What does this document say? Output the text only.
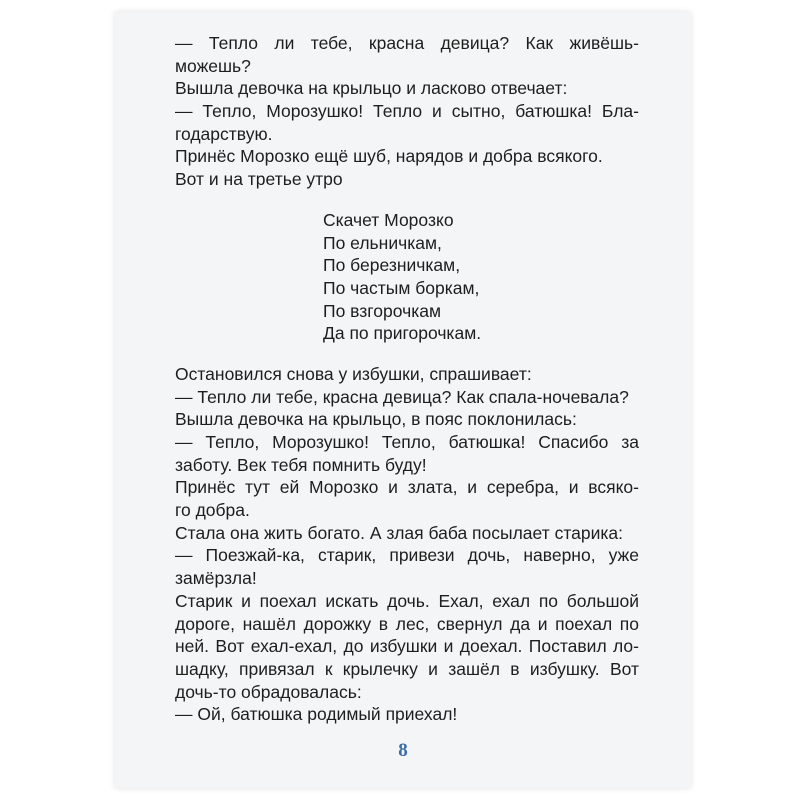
— Тепло ли тебе, красна девица? Как живёшь-
можешь?
Вышла девочка на крыльцо и ласково отвечает:
— Тепло, Морозушко! Тепло и сытно, батюшка! Бла-
годарствую.
Принёс Морозко ещё шуб, нарядов и добра всякого.
Вот и на третье утро
Скачет Морозко
По ельничкам,
По березничкам,
По частым боркам,
По взгорочкам
Да по пригорочкам.
Остановился снова у избушки, спрашивает:
— Тепло ли тебе, красна девица? Как спала-ночевала?
Вышла девочка на крыльцо, в пояс поклонилась:
— Тепло, Морозушко! Тепло, батюшка! Спасибо за
заботу. Век тебя помнить буду!
Принёс тут ей Морозко и злата, и серебра, и всяко-
го добра.
Стала она жить богато. А злая баба посылает старика:
— Поезжай-ка, старик, привези дочь, наверно, уже
замёрзла!
Старик и поехал искать дочь. Ехал, ехал по большой
дороге, нашёл дорожку в лес, свернул да и поехал по
ней. Вот ехал-ехал, до избушки и доехал. Поставил ло-
шадку, привязал к крылечку и зашёл в избушку. Вот
дочь-то обрадовалась:
— Ой, батюшка родимый приехал!
8
